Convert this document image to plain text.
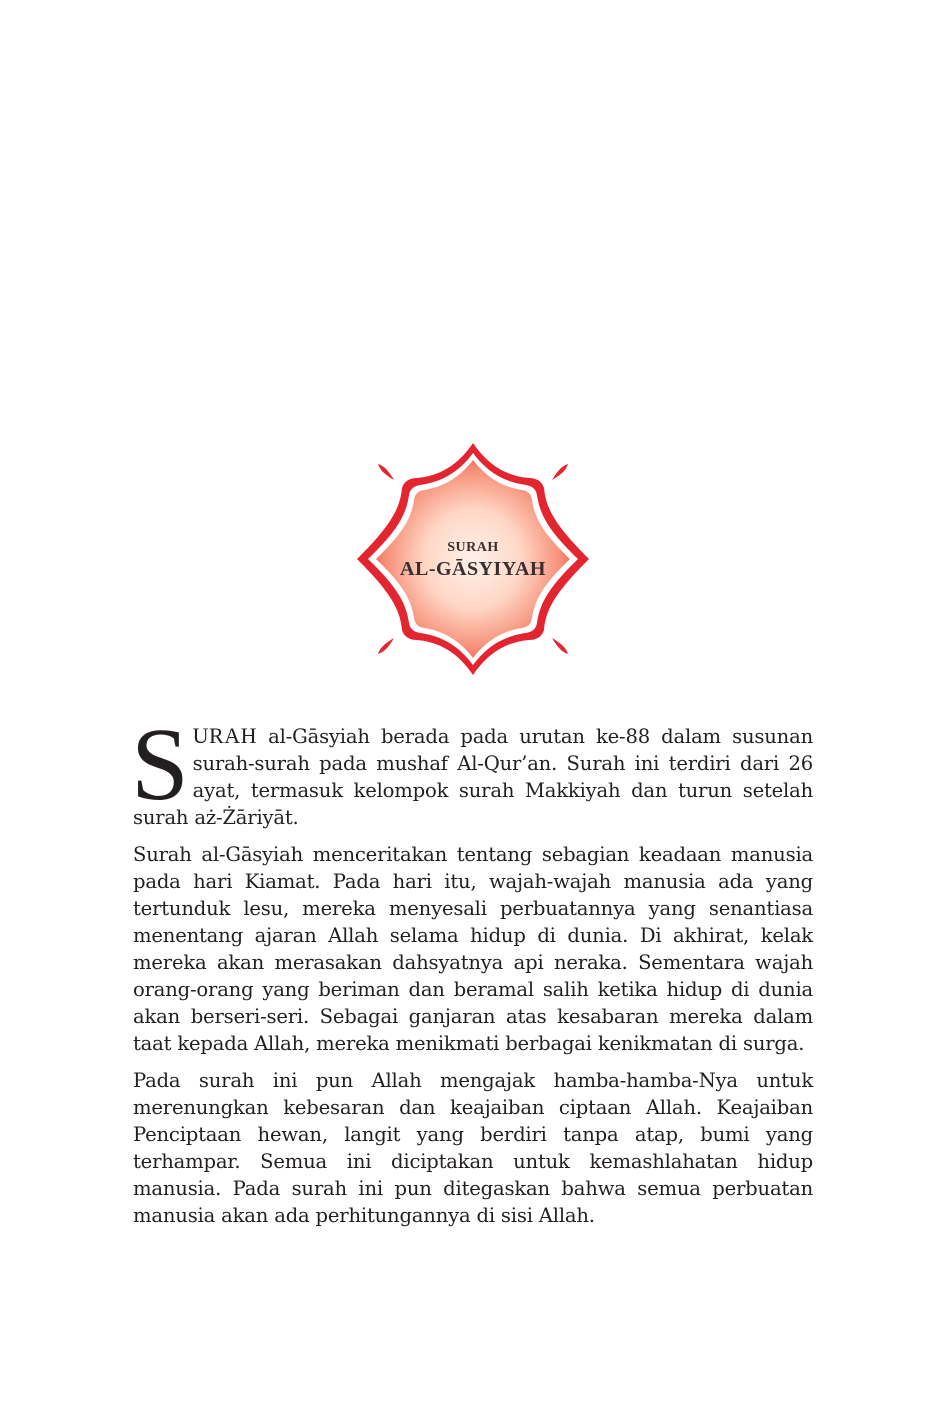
SURAH
AL-GĀSYIYAH

SURAH al-Gāsyiah berada pada urutan ke-88 dalam susunan surah-surah pada mushaf Al-Qur’an. Surah ini terdiri dari 26 ayat, termasuk kelompok surah Makkiyah dan turun setelah surah aż-Żāriyāt.

Surah al-Gāsyiah menceritakan tentang sebagian keadaan manusia pada hari Kiamat. Pada hari itu, wajah-wajah manusia ada yang tertunduk lesu, mereka menyesali perbuatannya yang senantiasa menentang ajaran Allah selama hidup di dunia. Di akhirat, kelak mereka akan merasakan dahsyatnya api neraka. Sementara wajah orang-orang yang beriman dan beramal salih ketika hidup di dunia akan berseri-seri. Sebagai ganjaran atas kesabaran mereka dalam taat kepada Allah, mereka menikmati berbagai kenikmatan di surga.

Pada surah ini pun Allah mengajak hamba-hamba-Nya untuk merenungkan kebesaran dan keajaiban ciptaan Allah. Keajaiban Penciptaan hewan, langit yang berdiri tanpa atap, bumi yang terhampar. Semua ini diciptakan untuk kemashlahatan hidup manusia. Pada surah ini pun ditegaskan bahwa semua perbuatan manusia akan ada perhitungannya di sisi Allah.
